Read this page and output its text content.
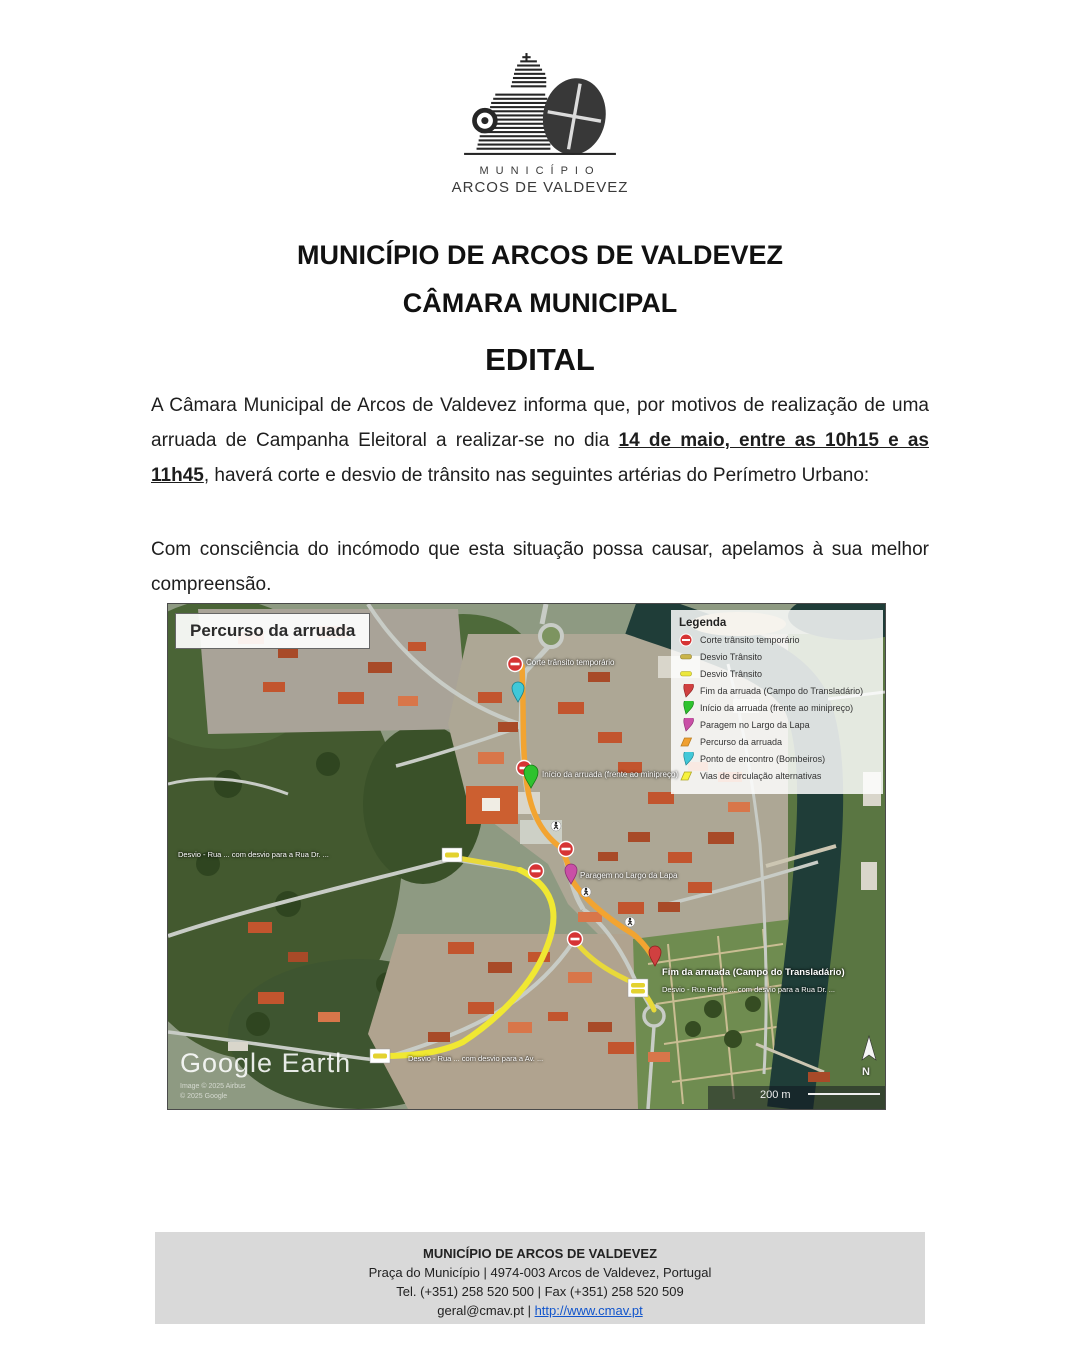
MUNICÍPIO
ARCOS DE VALDEVEZ
MUNICÍPIO DE ARCOS DE VALDEVEZ
CÂMARA MUNICIPAL
EDITAL
A Câmara Municipal de Arcos de Valdevez informa que, por motivos de realização de uma arruada de Campanha Eleitoral a realizar-se no dia 14 de maio, entre as 10h15 e as 11h45, haverá corte e desvio de trânsito nas seguintes artérias do Perímetro Urbano:
Com consciência do incómodo que esta situação possa causar, apelamos à sua melhor compreensão.
Percurso da arruada	Legenda
Corte trânsito temporário
Desvio Trânsito
Desvio Trânsito
Fim da arruada (Campo do Transladário)
Início da arruada (frente ao minipreço)
Paragem no Largo da Lapa
Percurso da arruada
Ponto de encontro (Bombeiros)
Vias de circulação alternativas
Corte trânsito temporário
Início da arruada (frente ao minipreço)
Paragem no Largo da Lapa
Desvio - Rua ... com desvio para a Rua Dr. ...
Fim da arruada (Campo do Transladário)
Desvio - Rua Padre ... com desvio para a Rua Dr. ...
Desvio - Rua ... com desvio para a Av. ...
Google Earth
Image © 2025 Airbus
© 2025 Google	200 m
N
MUNICÍPIO DE ARCOS DE VALDEVEZ
Praça do Município | 4974-003 Arcos de Valdevez, Portugal
Tel. (+351) 258 520 500 | Fax (+351) 258 520 509
geral@cmav.pt | http://www.cmav.pt
